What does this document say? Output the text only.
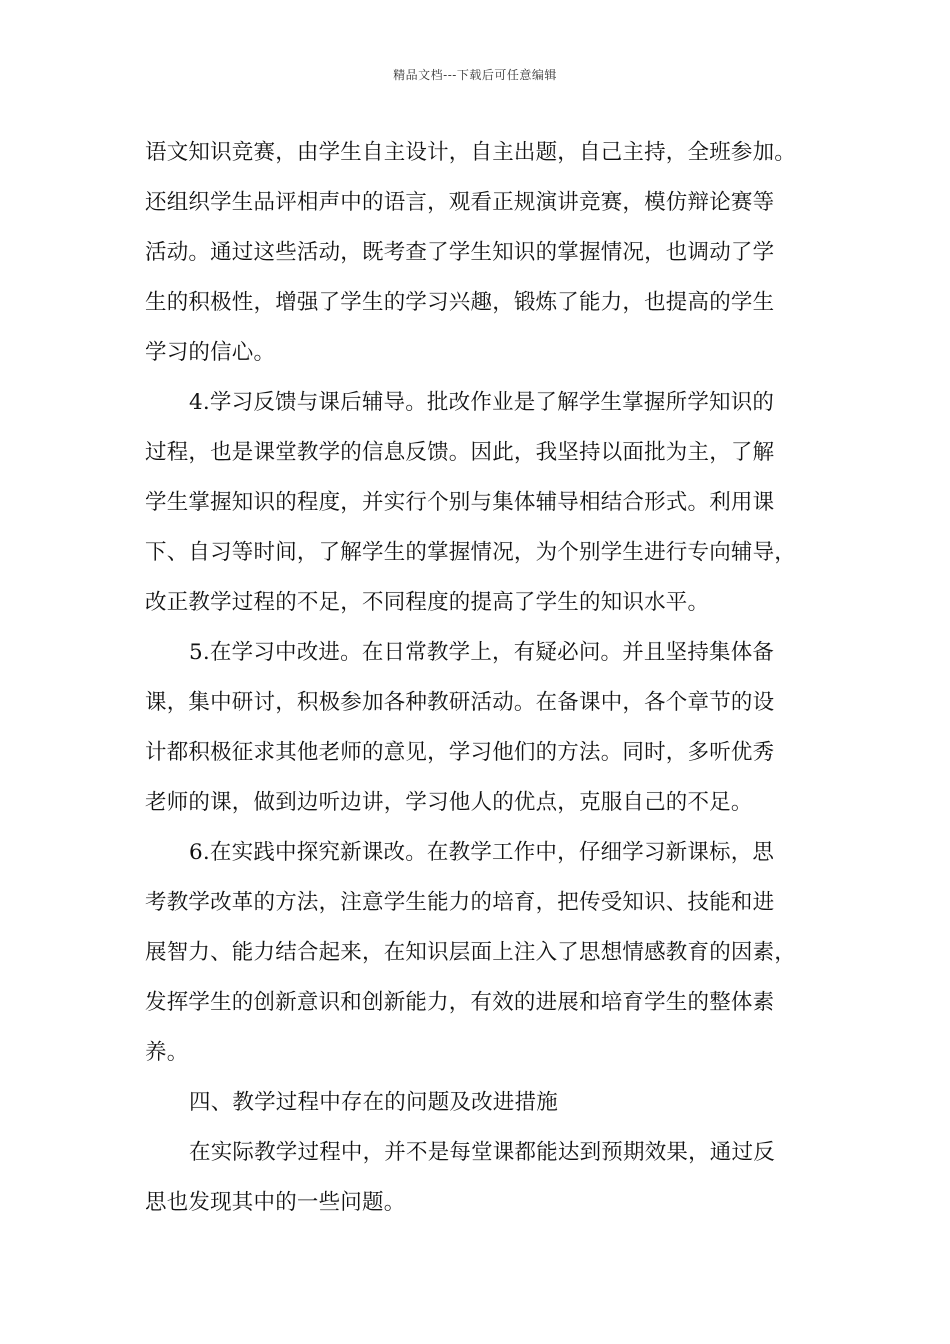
精品文档---下载后可任意编辑
语文知识竞赛，由学生自主设计，自主出题，自己主持，全班参加。
还组织学生品评相声中的语言，观看正规演讲竞赛，模仿辩论赛等
活动。通过这些活动，既考查了学生知识的掌握情况，也调动了学
生的积极性，增强了学生的学习兴趣，锻炼了能力，也提高的学生
学习的信心。
4.学习反馈与课后辅导。批改作业是了解学生掌握所学知识的
过程，也是课堂教学的信息反馈。因此，我坚持以面批为主，了解
学生掌握知识的程度，并实行个别与集体辅导相结合形式。利用课
下、自习等时间，了解学生的掌握情况，为个别学生进行专向辅导，
改正教学过程的不足，不同程度的提高了学生的知识水平。
5.在学习中改进。在日常教学上，有疑必问。并且坚持集体备
课，集中研讨，积极参加各种教研活动。在备课中，各个章节的设
计都积极征求其他老师的意见，学习他们的方法。同时，多听优秀
老师的课，做到边听边讲，学习他人的优点，克服自己的不足。
6.在实践中探究新课改。在教学工作中，仔细学习新课标，思
考教学改革的方法，注意学生能力的培育，把传受知识、技能和进
展智力、能力结合起来，在知识层面上注入了思想情感教育的因素，
发挥学生的创新意识和创新能力，有效的进展和培育学生的整体素
养。
四、教学过程中存在的问题及改进措施
在实际教学过程中，并不是每堂课都能达到预期效果，通过反
思也发现其中的一些问题。
